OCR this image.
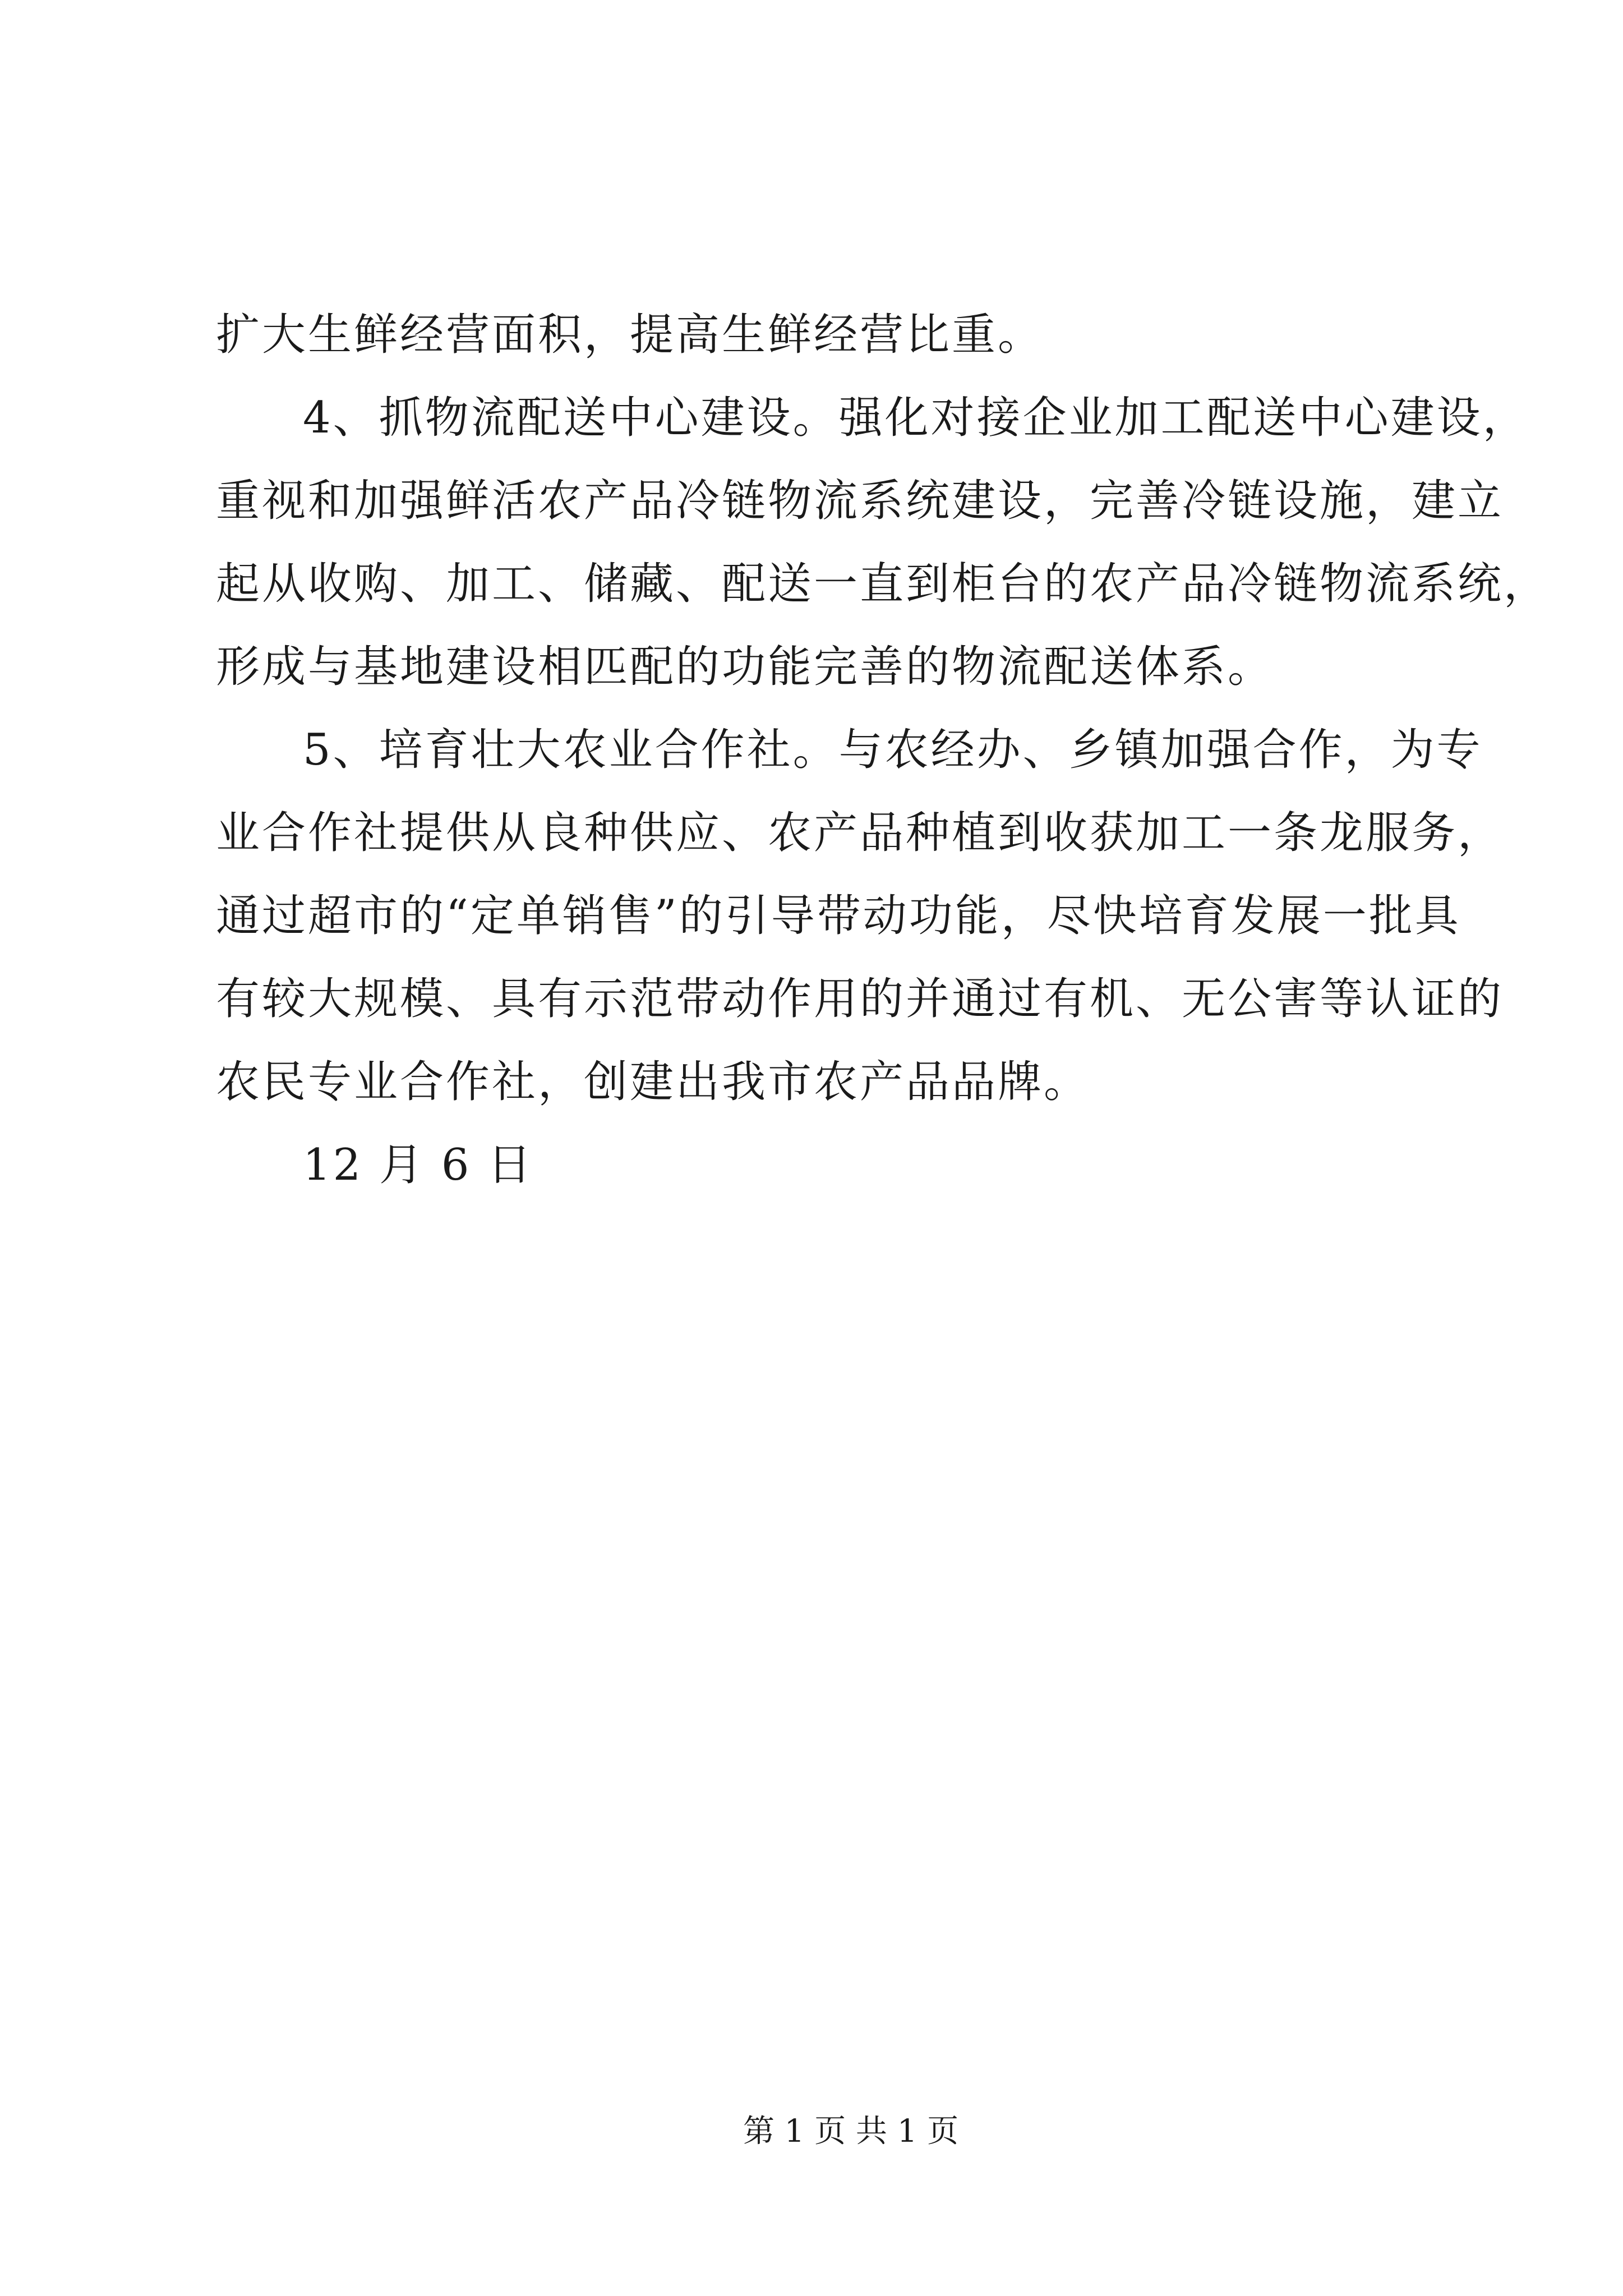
扩大生鲜经营面积，提高生鲜经营比重。
4、抓物流配送中心建设。强化对接企业加工配送中心建设，
重视和加强鲜活农产品冷链物流系统建设，完善冷链设施，建立
起从收购、加工、储藏、配送一直到柜台的农产品冷链物流系统，
形成与基地建设相匹配的功能完善的物流配送体系。
5、培育壮大农业合作社。与农经办、乡镇加强合作，为专
业合作社提供从良种供应、农产品种植到收获加工一条龙服务，
通过超市的“定单销售”的引导带动功能，尽快培育发展一批具
有较大规模、具有示范带动作用的并通过有机、无公害等认证的
农民专业合作社，创建出我市农产品品牌。
12 月 6 日
第 1 页 共 1 页
